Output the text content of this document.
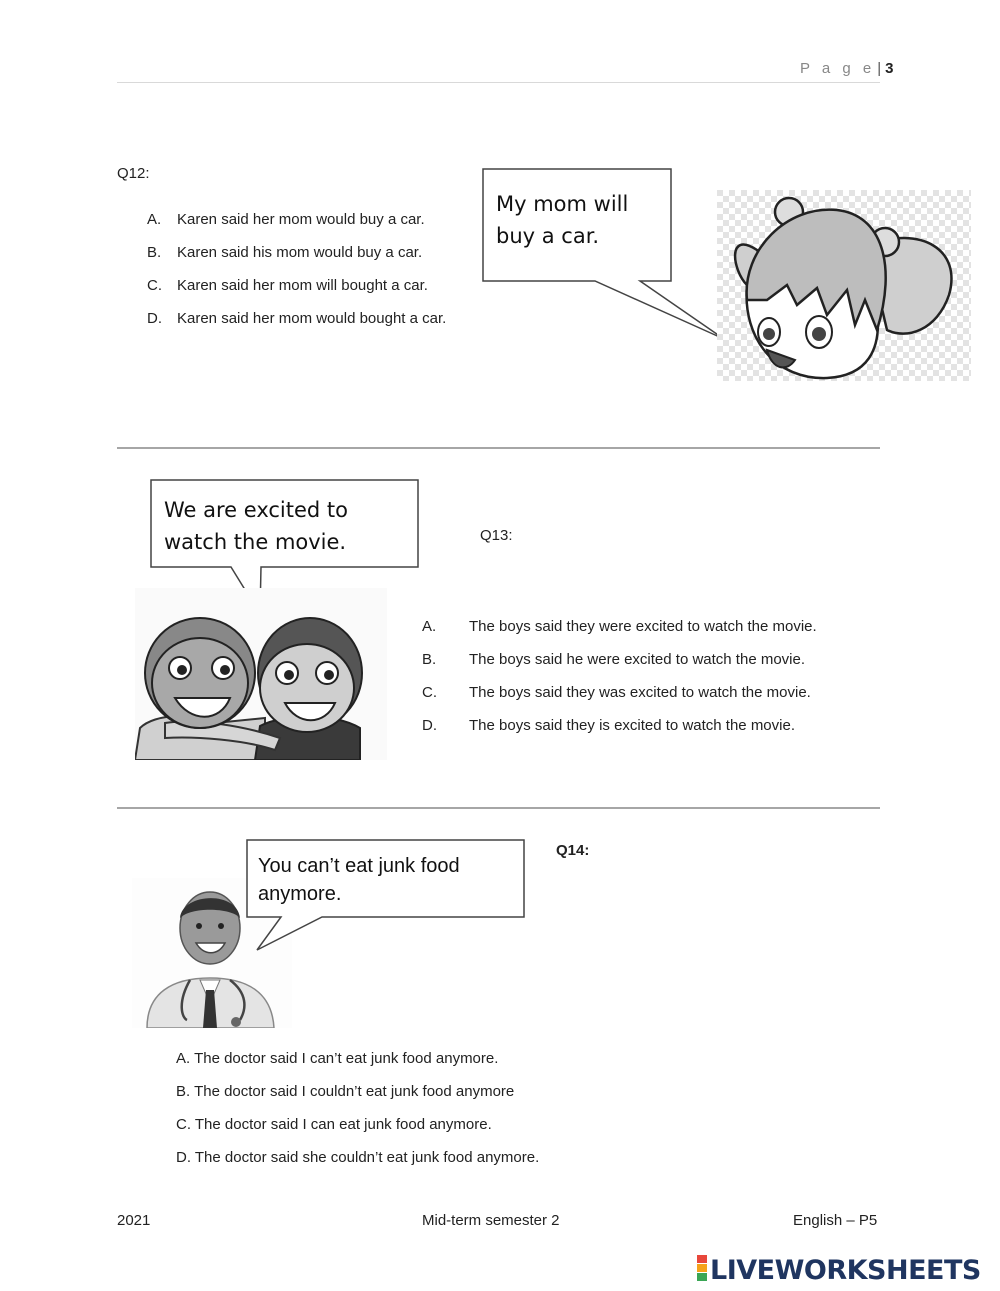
P a g e | 3
Q12:
A. Karen said her mom would buy a car.
B. Karen said his mom would buy a car.
C. Karen said her mom will bought a car.
D. Karen said her mom would bought a car.
My mom will
buy a car.
We are excited to
watch the movie.	Q13:
A. The boys said they were excited to watch the movie.
B. The boys said he were excited to watch the movie.
C. The boys said they was excited to watch the movie.
D. The boys said they is excited to watch the movie.
You can’t eat junk food
anymore.
Q14:
A. The doctor said I can’t eat junk food anymore.
B. The doctor said I couldn’t eat junk food anymore
C. The doctor said I can eat junk food anymore.
D. The doctor said she couldn’t eat junk food anymore.
2021	Mid-term semester 2	English – P5
LIVEWORKSHEETS
